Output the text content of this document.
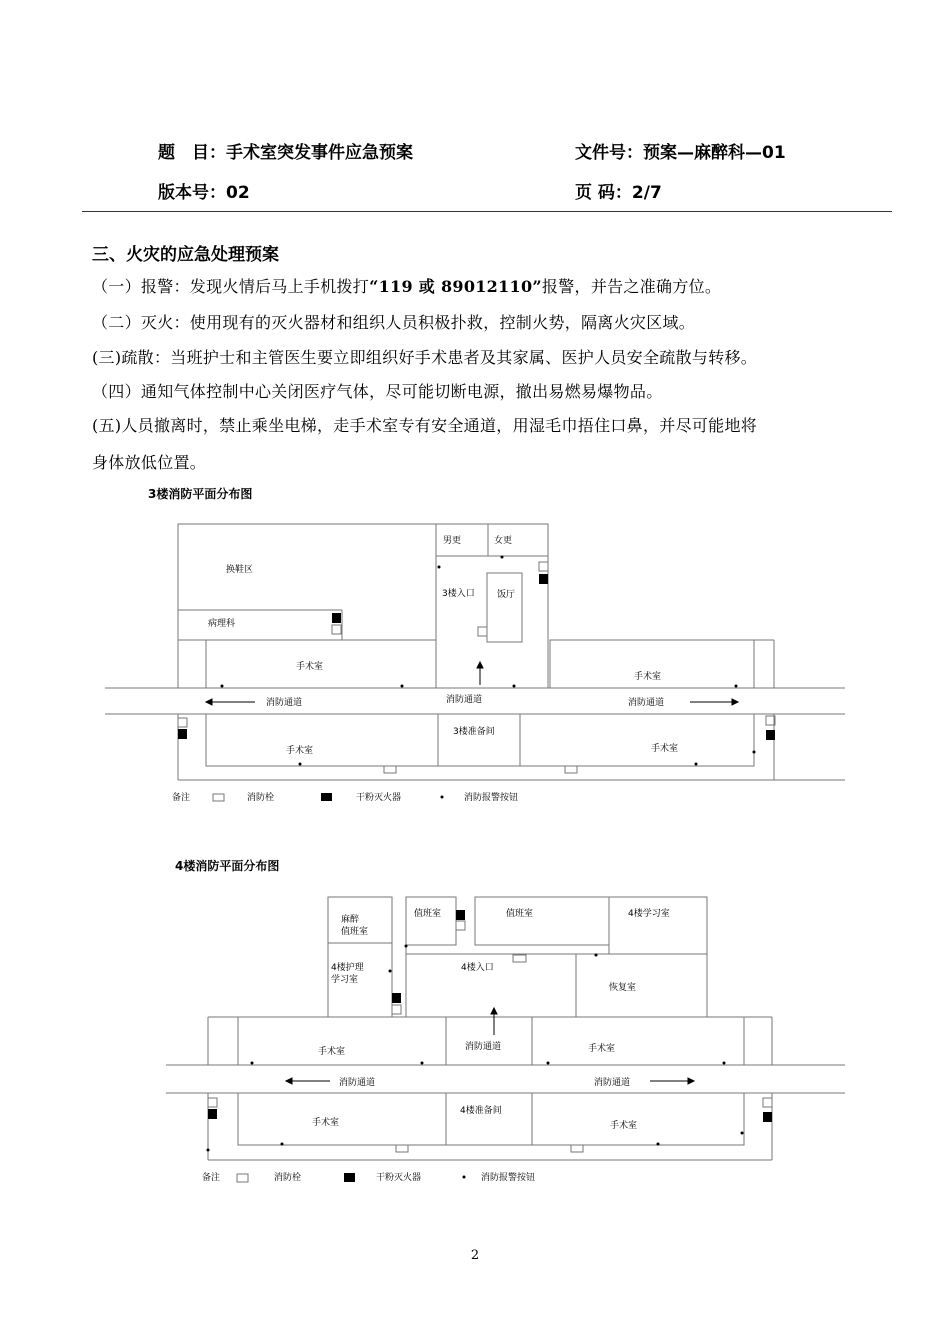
题　目：手术室突发事件应急预案	文件号：预案—麻醉科—01
版本号：02	页 码：2/7
三、火灾的应急处理预案
（一）报警：发现火情后马上手机拨打“119 或 89012110”报警，并告之准确方位。
（二）灭火：使用现有的灭火器材和组织人员积极扑救，控制火势，隔离火灾区域。
(三)疏散：当班护士和主管医生要立即组织好手术患者及其家属、医护人员安全疏散与转移。
（四）通知气体控制中心关闭医疗气体，尽可能切断电源，撤出易燃易爆物品。
(五)人员撤离时，禁止乘坐电梯，走手术室专有安全通道，用湿毛巾捂住口鼻，并尽可能地将
身体放低位置。
3楼消防平面分布图
换鞋区
病理科
男更	女更
3楼入口 饭厅
手术室
手术室
消防通道	消防通道	消防通道
3楼准备间
手术室	手术室
备注	消防栓	干粉灭火器	消防报警按钮
4楼消防平面分布图
麻醉
值班室
值班室	值班室	4楼学习室
4楼护理
学习室
4楼入口
恢复室
手术室	消防通道	手术室
消防通道	消防通道
4楼准备间
手术室	手术室
备注	消防栓	干粉灭火器	消防报警按钮
2
